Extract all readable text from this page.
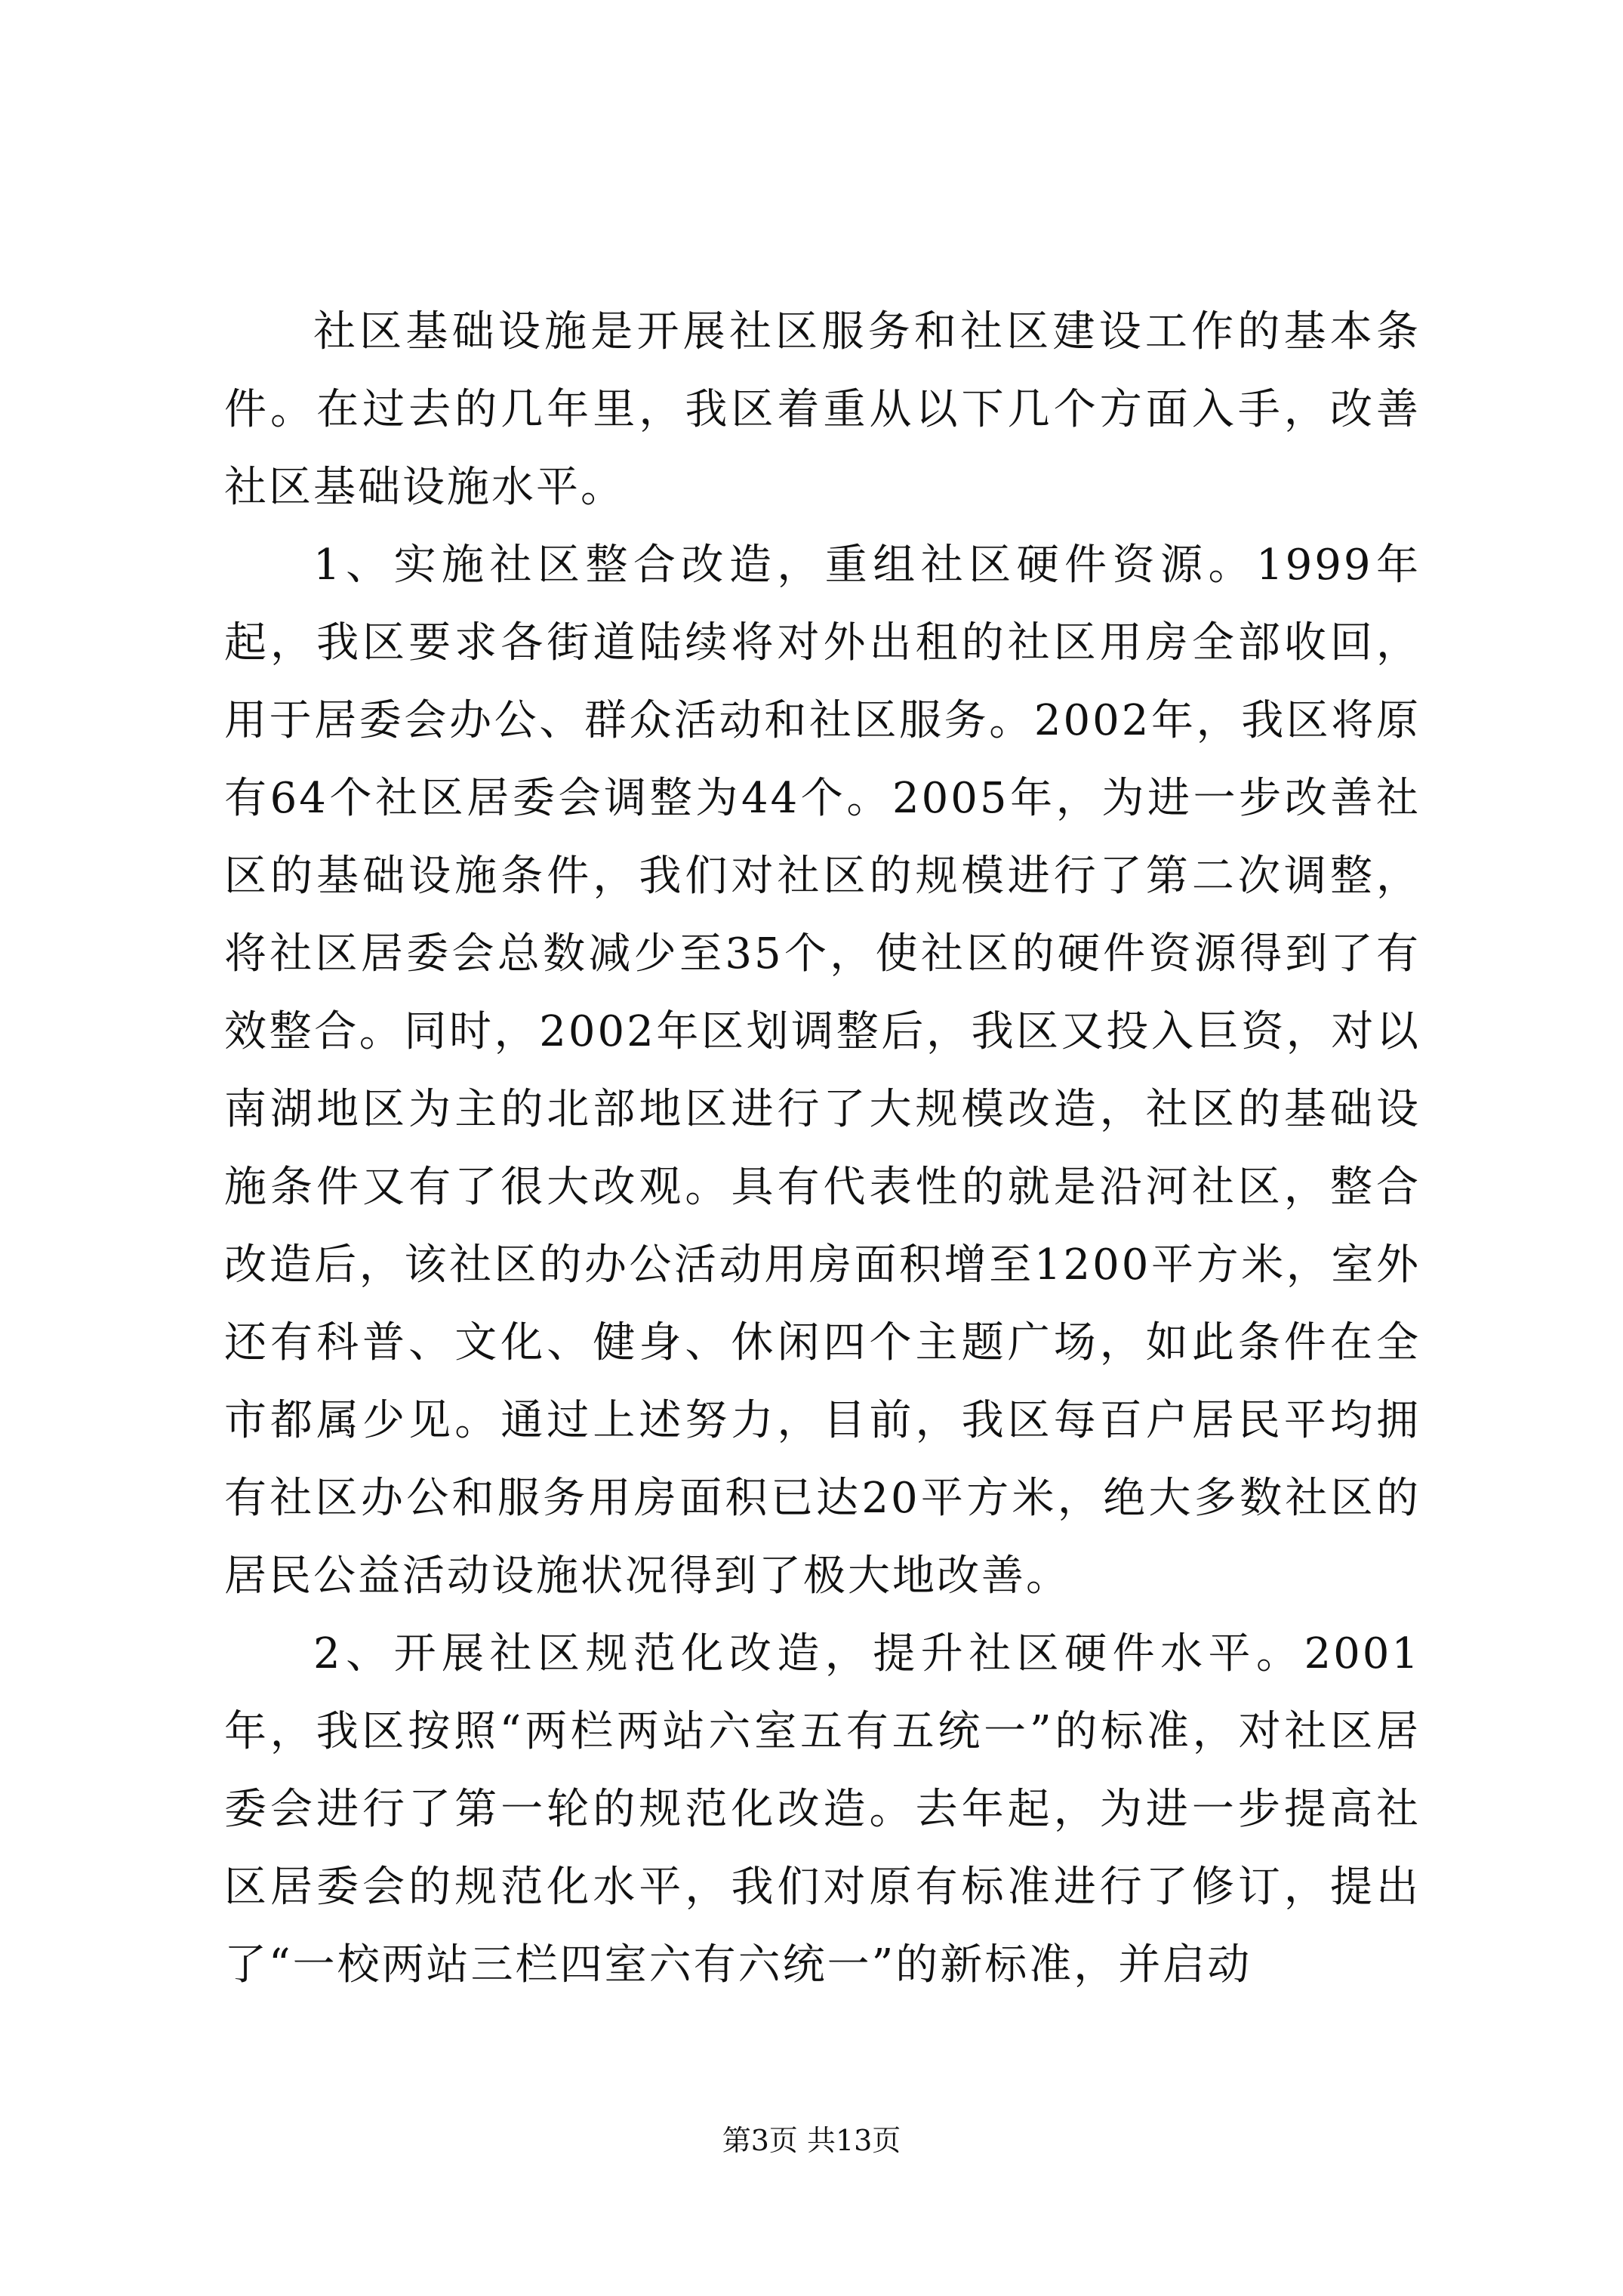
社区基础设施是开展社区服务和社区建设工作的基本条件。在过去的几年里，我区着重从以下几个方面入手，改善社区基础设施水平。

1、实施社区整合改造，重组社区硬件资源。1999年起，我区要求各街道陆续将对外出租的社区用房全部收回，用于居委会办公、群众活动和社区服务。2002年，我区将原有64个社区居委会调整为44个。2005年，为进一步改善社区的基础设施条件，我们对社区的规模进行了第二次调整，将社区居委会总数减少至35个，使社区的硬件资源得到了有效整合。同时，2002年区划调整后，我区又投入巨资，对以南湖地区为主的北部地区进行了大规模改造，社区的基础设施条件又有了很大改观。具有代表性的就是沿河社区，整合改造后，该社区的办公活动用房面积增至1200平方米，室外还有科普、文化、健身、休闲四个主题广场，如此条件在全市都属少见。通过上述努力，目前，我区每百户居民平均拥有社区办公和服务用房面积已达20平方米，绝大多数社区的居民公益活动设施状况得到了极大地改善。

2、开展社区规范化改造，提升社区硬件水平。2001年，我区按照“两栏两站六室五有五统一”的标准，对社区居委会进行了第一轮的规范化改造。去年起，为进一步提高社区居委会的规范化水平，我们对原有标准进行了修订，提出了“一校两站三栏四室六有六统一”的新标准，并启动

第3页 共13页
